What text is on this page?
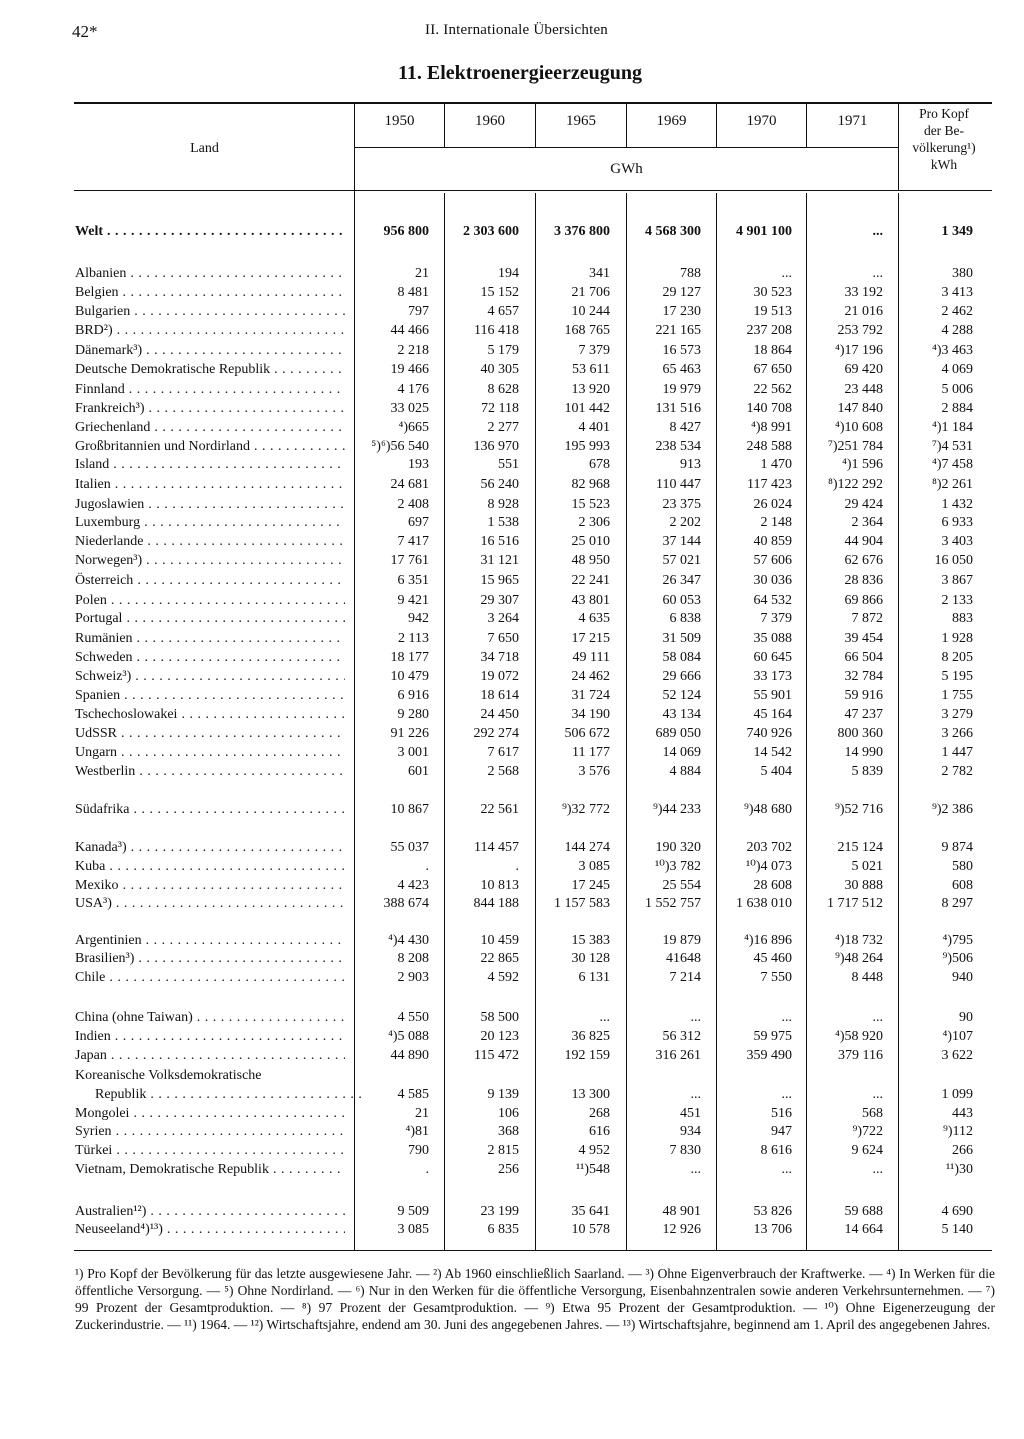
42*	II. Internationale Übersichten
11. Elektroenergieerzeugung
Land
1950	1960	1965	1969	1970	1971
GWh
Pro Kopf
der Be-
völkerung¹)
kWh
Welt . . .	956 800	2 303 600	3 376 800	4 568 300	4 901 100	...	1 349
Albanien . . .	21	194	341	788	...	...	380
Belgien . . .	8 481	15 152	21 706	29 127	30 523	33 192	3 413
Bulgarien . . .	797	4 657	10 244	17 230	19 513	21 016	2 462
BRD²) . . .	44 466	116 418	168 765	221 165	237 208	253 792	4 288
Dänemark³) . . .	2 218	5 179	7 379	16 573	18 864	⁴)17 196	⁴)3 463
Deutsche Demokratische Republik . . .	19 466	40 305	53 611	65 463	67 650	69 420	4 069
Finnland . . .	4 176	8 628	13 920	19 979	22 562	23 448	5 006
Frankreich³) . . .	33 025	72 118	101 442	131 516	140 708	147 840	2 884
Griechenland . . .	⁴)665	2 277	4 401	8 427	⁴)8 991	⁴)10 608	⁴)1 184
Großbritannien und Nordirland . . .	⁵)⁶)56 540	136 970	195 993	238 534	248 588	⁷)251 784	⁷)4 531
Island . . .	193	551	678	913	1 470	⁴)1 596	⁴)7 458
Italien . . .	24 681	56 240	82 968	110 447	117 423	⁸)122 292	⁸)2 261
Jugoslawien . . .	2 408	8 928	15 523	23 375	26 024	29 424	1 432
Luxemburg . . .	697	1 538	2 306	2 202	2 148	2 364	6 933
Niederlande . . .	7 417	16 516	25 010	37 144	40 859	44 904	3 403
Norwegen³) . . .	17 761	31 121	48 950	57 021	57 606	62 676	16 050
Österreich . . .	6 351	15 965	22 241	26 347	30 036	28 836	3 867
Polen . . .	9 421	29 307	43 801	60 053	64 532	69 866	2 133
Portugal . . .	942	3 264	4 635	6 838	7 379	7 872	883
Rumänien . . .	2 113	7 650	17 215	31 509	35 088	39 454	1 928
Schweden . . .	18 177	34 718	49 111	58 084	60 645	66 504	8 205
Schweiz³) . . .	10 479	19 072	24 462	29 666	33 173	32 784	5 195
Spanien . . .	6 916	18 614	31 724	52 124	55 901	59 916	1 755
Tschechoslowakei . . .	9 280	24 450	34 190	43 134	45 164	47 237	3 279
UdSSR . . .	91 226	292 274	506 672	689 050	740 926	800 360	3 266
Ungarn . . .	3 001	7 617	11 177	14 069	14 542	14 990	1 447
Westberlin . . .	601	2 568	3 576	4 884	5 404	5 839	2 782
Südafrika . . .	10 867	22 561	⁹)32 772	⁹)44 233	⁹)48 680	⁹)52 716	⁹)2 386
Kanada³) . . .	55 037	114 457	144 274	190 320	203 702	215 124	9 874
Kuba . . .	.	.	3 085	¹⁰)3 782	¹⁰)4 073	5 021	580
Mexiko . . .	4 423	10 813	17 245	25 554	28 608	30 888	608
USA³) . . .	388 674	844 188	1 157 583	1 552 757	1 638 010	1 717 512	8 297
Argentinien . . .	⁴)4 430	10 459	15 383	19 879	⁴)16 896	⁴)18 732	⁴)795
Brasilien³) . . .	8 208	22 865	30 128	41648	45 460	⁹)48 264	⁹)506
Chile . . .	2 903	4 592	6 131	7 214	7 550	8 448	940
China (ohne Taiwan) . . .	4 550	58 500	...	...	...	...	90
Indien . . .	⁴)5 088	20 123	36 825	56 312	59 975	⁴)58 920	⁴)107
Japan . . .	44 890	115 472	192 159	316 261	359 490	379 116	3 622
Koreanische Volksdemokratische
Republik . . .	4 585	9 139	13 300	...	...	...	1 099
Mongolei . . .	21	106	268	451	516	568	443
Syrien . . .	⁴)81	368	616	934	947	⁹)722	⁹)112
Türkei . . .	790	2 815	4 952	7 830	8 616	9 624	266
Vietnam, Demokratische Republik . . .	.	256	¹¹)548	...	...	...	¹¹)30
Australien¹²) . . .	9 509	23 199	35 641	48 901	53 826	59 688	4 690
Neuseeland⁴)¹³) . . .	3 085	6 835	10 578	12 926	13 706	14 664	5 140
¹) Pro Kopf der Bevölkerung für das letzte ausgewiesene Jahr. — ²) Ab 1960 einschließlich Saarland. — ³) Ohne Eigenverbrauch der Kraftwerke. — ⁴) In Werken für die öffentliche Versorgung. — ⁵) Ohne Nordirland. — ⁶) Nur in den Werken für die öffentliche Versorgung, Eisenbahnzentralen sowie anderen Verkehrsunternehmen. — ⁷) 99 Prozent der Gesamtproduktion. — ⁸) 97 Prozent der Gesamtproduktion. — ⁹) Etwa 95 Prozent der Gesamtproduktion. — ¹⁰) Ohne Eigenerzeugung der Zuckerindustrie. — ¹¹) 1964. — ¹²) Wirtschaftsjahre, endend am 30. Juni des angegebenen Jahres. — ¹³) Wirtschaftsjahre, beginnend am 1. April des angegebenen Jahres.
